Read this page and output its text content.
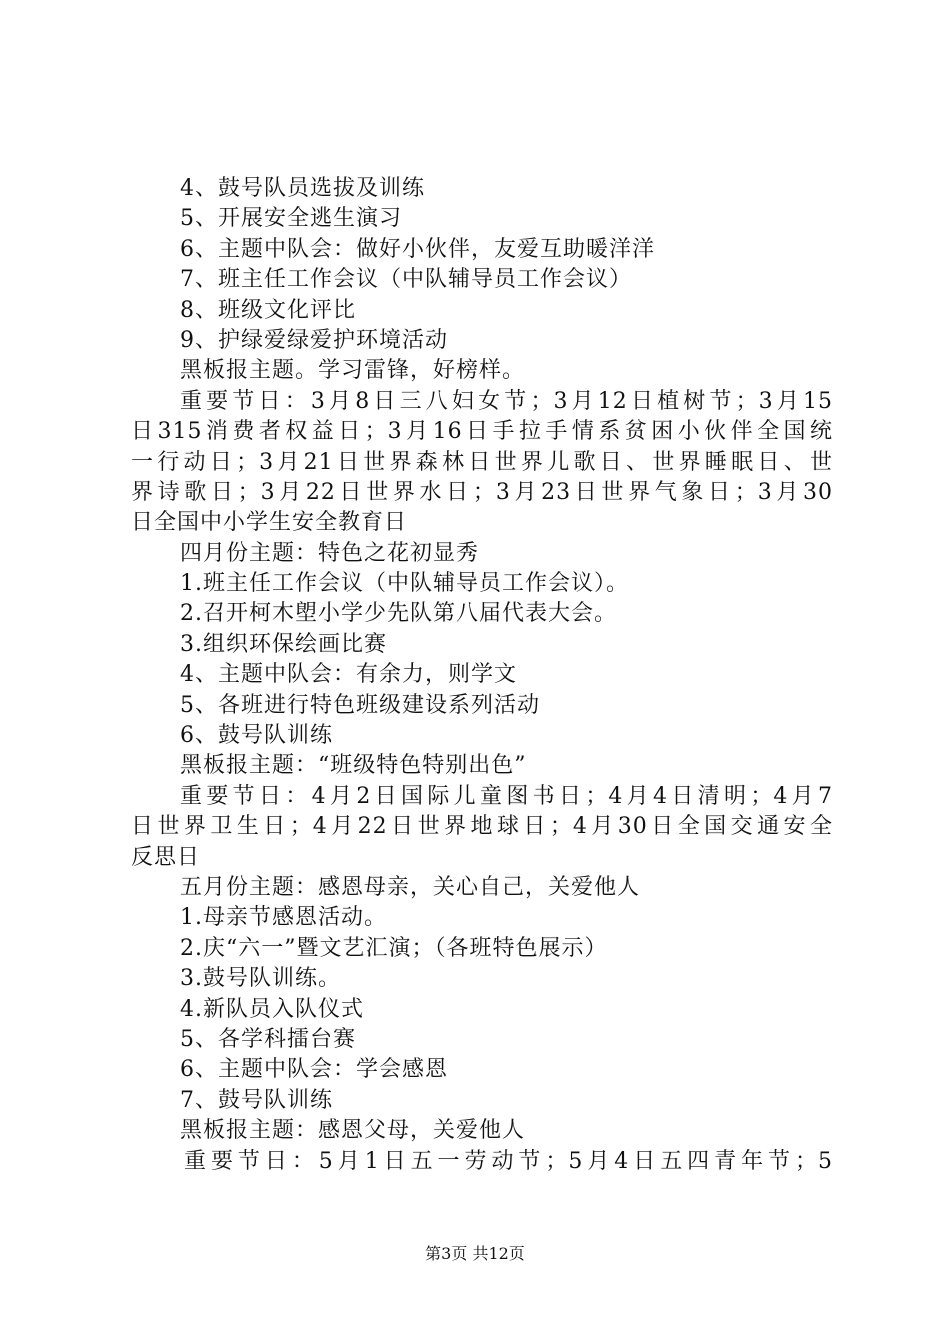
4、鼓号队员选拔及训练
5、开展安全逃生演习
6、主题中队会：做好小伙伴，友爱互助暖洋洋
7、班主任工作会议（中队辅导员工作会议）
8、班级文化评比
9、护绿爱绿爱护环境活动
黑板报主题。学习雷锋，好榜样。
重要节日：3月8日三八妇女节；3月12日植树节；3月15
日315消费者权益日；3月16日手拉手情系贫困小伙伴全国统
一行动日；3月21日世界森林日世界儿歌日、世界睡眠日、世
界诗歌日；3月22日世界水日；3月23日世界气象日；3月30
日全国中小学生安全教育日
四月份主题：特色之花初显秀
1.班主任工作会议（中队辅导员工作会议）。
2.召开柯木塱小学少先队第八届代表大会。
3.组织环保绘画比赛
4、主题中队会：有余力，则学文
5、各班进行特色班级建设系列活动
6、鼓号队训练
黑板报主题：“班级特色特别出色”
重要节日：4月2日国际儿童图书日；4月4日清明；4月7
日世界卫生日；4月22日世界地球日；4月30日全国交通安全
反思日
五月份主题：感恩母亲，关心自己，关爱他人
1.母亲节感恩活动。
2.庆“六一”暨文艺汇演；（各班特色展示）
3.鼓号队训练。
4.新队员入队仪式
5、各学科擂台赛
6、主题中队会：学会感恩
7、鼓号队训练
黑板报主题：感恩父母，关爱他人
重要节日：5月1日五一劳动节；5月4日五四青年节；5
第3页 共12页
